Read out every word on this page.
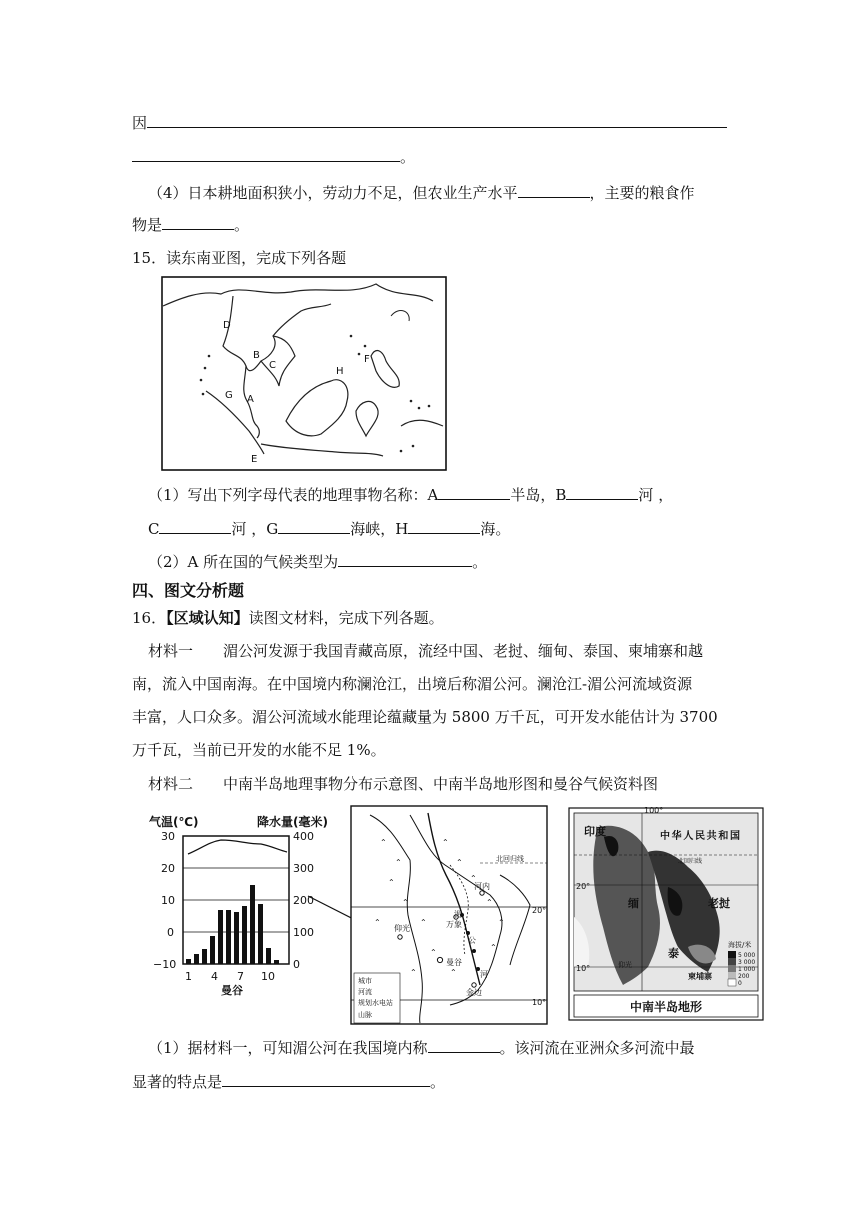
因
。
（4）日本耕地面积狭小，劳动力不足，但农业生产水平	，主要的粮食作
物是	。
15．读东南亚图，完成下列各题
D
B
C
F
H
G A
E
（1）写出下列字母代表的地理事物名称：A	半岛，B	河 ，
C	河 ，G	海峡，H	海。
（2）A 所在国的气候类型为	。
四、图文分析题
16．【区域认知】读图文材料，完成下列各题。
材料一　　湄公河发源于我国青藏高原，流经中国、老挝、缅甸、泰国、柬埔寨和越
南，流入中国南海。在中国境内称澜沧江，出境后称湄公河。澜沧江-湄公河流域资源
丰富，人口众多。湄公河流域水能理论蕴藏量为 5800 万千瓦，可开发水能估计为 3700
万千瓦，当前已开发的水能不足 1%。
材料二　　中南半岛地理事物分布示意图、中南半岛地形图和曼谷气候资料图
气温(℃)	降水量(毫米)
30
20
10
0
−10
400
300
200
100
0
1 4 7 10
曼谷
北回归线
20°
10°
⌃
⌃
⌃
⌃
⌃
⌃
⌃
⌃
⌃
⌃
⌃
⌃
⌃
⌃
⌃
河内
万象
仰光
曼谷
金边
湄
公
河
城市
河流
规划水电站
山脉
100°
20°
10°
北回归线
仰光
印度	中华人民共和国
缅	老挝
泰
柬埔寨
海拔/米
5 000
3 000
1 000
200
0
中南半岛地形
（1）据材料一，可知湄公河在我国境内称	。该河流在亚洲众多河流中最
显著的特点是	。
